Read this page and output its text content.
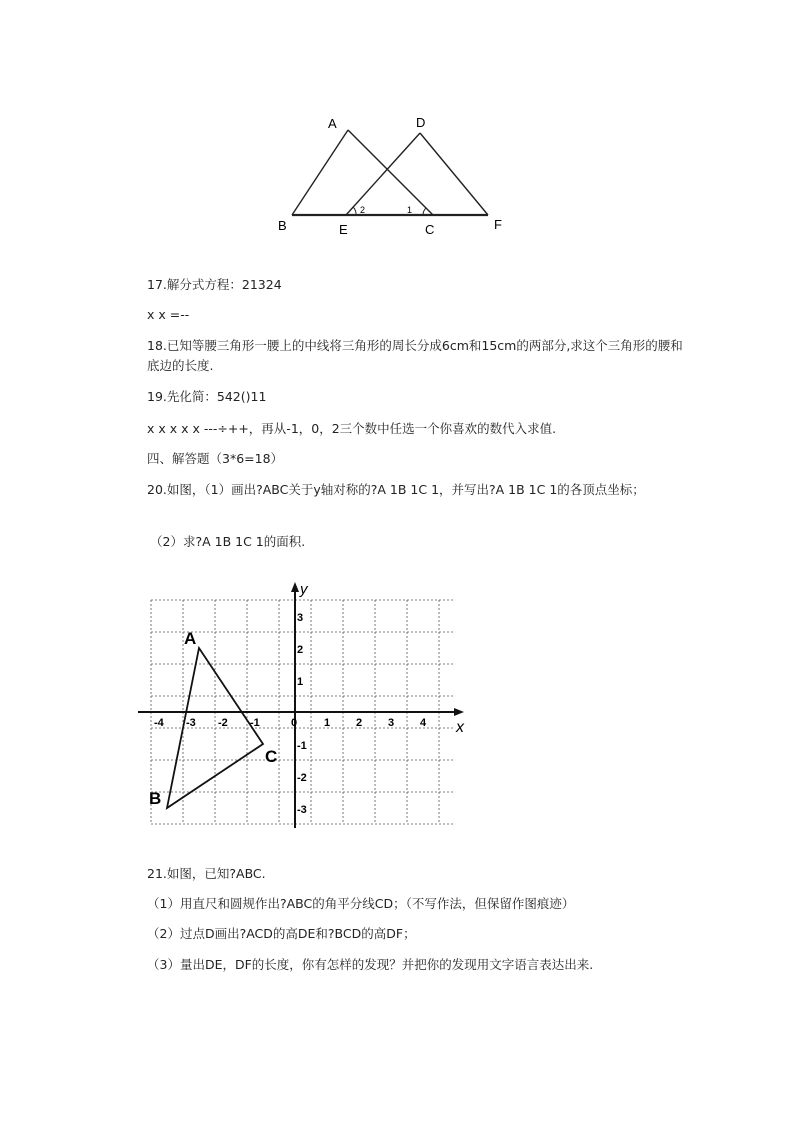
A	D
B	E	C	F
2	1
17.解分式方程：21324
x x =--
18.已知等腰三角形一腰上的中线将三角形的周长分成6cm和15cm的两部分,求这个三角形的腰和底边的长度.
19.先化简：542()11
x x x x x ---÷++，再从-1，0，2三个数中任选一个你喜欢的数代入求值.
四、解答题（3*6=18）
20.如图，（1）画出?ABC关于y轴对称的?A 1B 1C 1，并写出?A 1B 1C 1的各顶点坐标；
（2）求?A 1B 1C 1的面积.
x
y
-4 -3 -2 -1	0 1 2 3 4
3
2
1
-1
-2
-3
A
B
C
21.如图，已知?ABC.
（1）用直尺和圆规作出?ABC的角平分线CD；（不写作法，但保留作图痕迹）
（2）过点D画出?ACD的高DE和?BCD的高DF；
（3）量出DE，DF的长度，你有怎样的发现？并把你的发现用文字语言表达出来.
